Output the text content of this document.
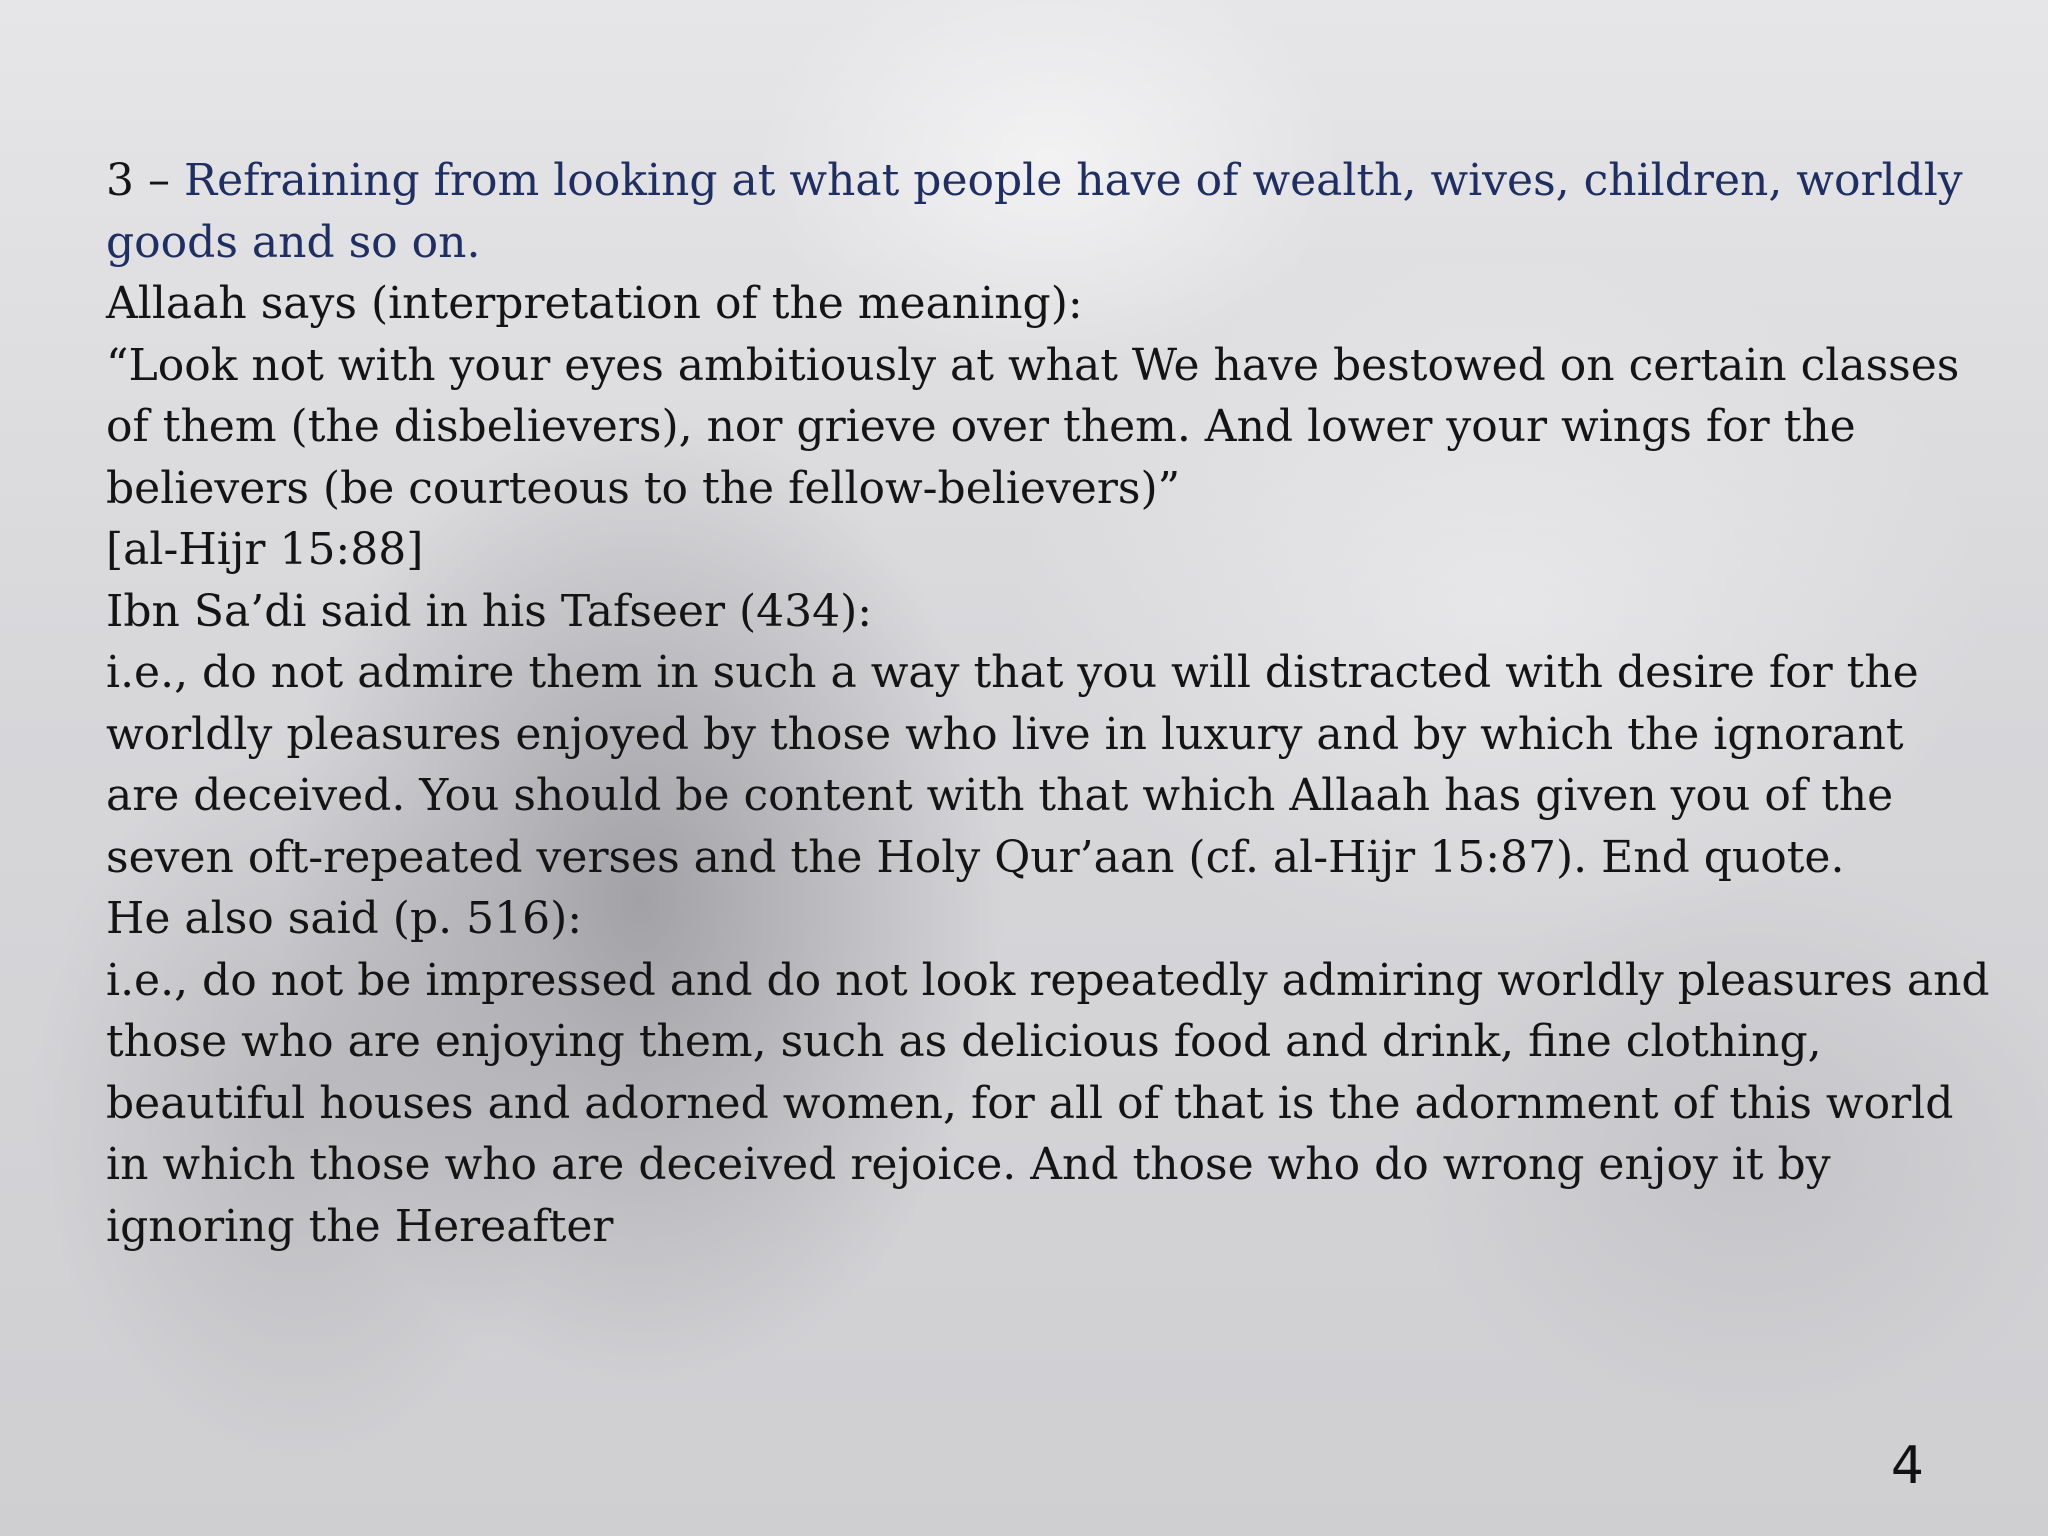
3 – Refraining from looking at what people have of wealth, wives, children, worldly

goods and so on.

Allaah says (interpretation of the meaning):

“Look not with your eyes ambitiously at what We have bestowed on certain classes

of them (the disbelievers), nor grieve over them. And lower your wings for the

believers (be courteous to the fellow-believers)”

[al-Hijr 15:88]

Ibn Sa’di said in his Tafseer (434):

i.e., do not admire them in such a way that you will distracted with desire for the

worldly pleasures enjoyed by those who live in luxury and by which the ignorant

are deceived. You should be content with that which Allaah has given you of the

seven oft-repeated verses and the Holy Qur’aan (cf. al-Hijr 15:87). End quote.

He also said (p. 516):

i.e., do not be impressed and do not look repeatedly admiring worldly pleasures and

those who are enjoying them, such as delicious food and drink, fine clothing,

beautiful houses and adorned women, for all of that is the adornment of this world

in which those who are deceived rejoice. And those who do wrong enjoy it by

ignoring the Hereafter

4
